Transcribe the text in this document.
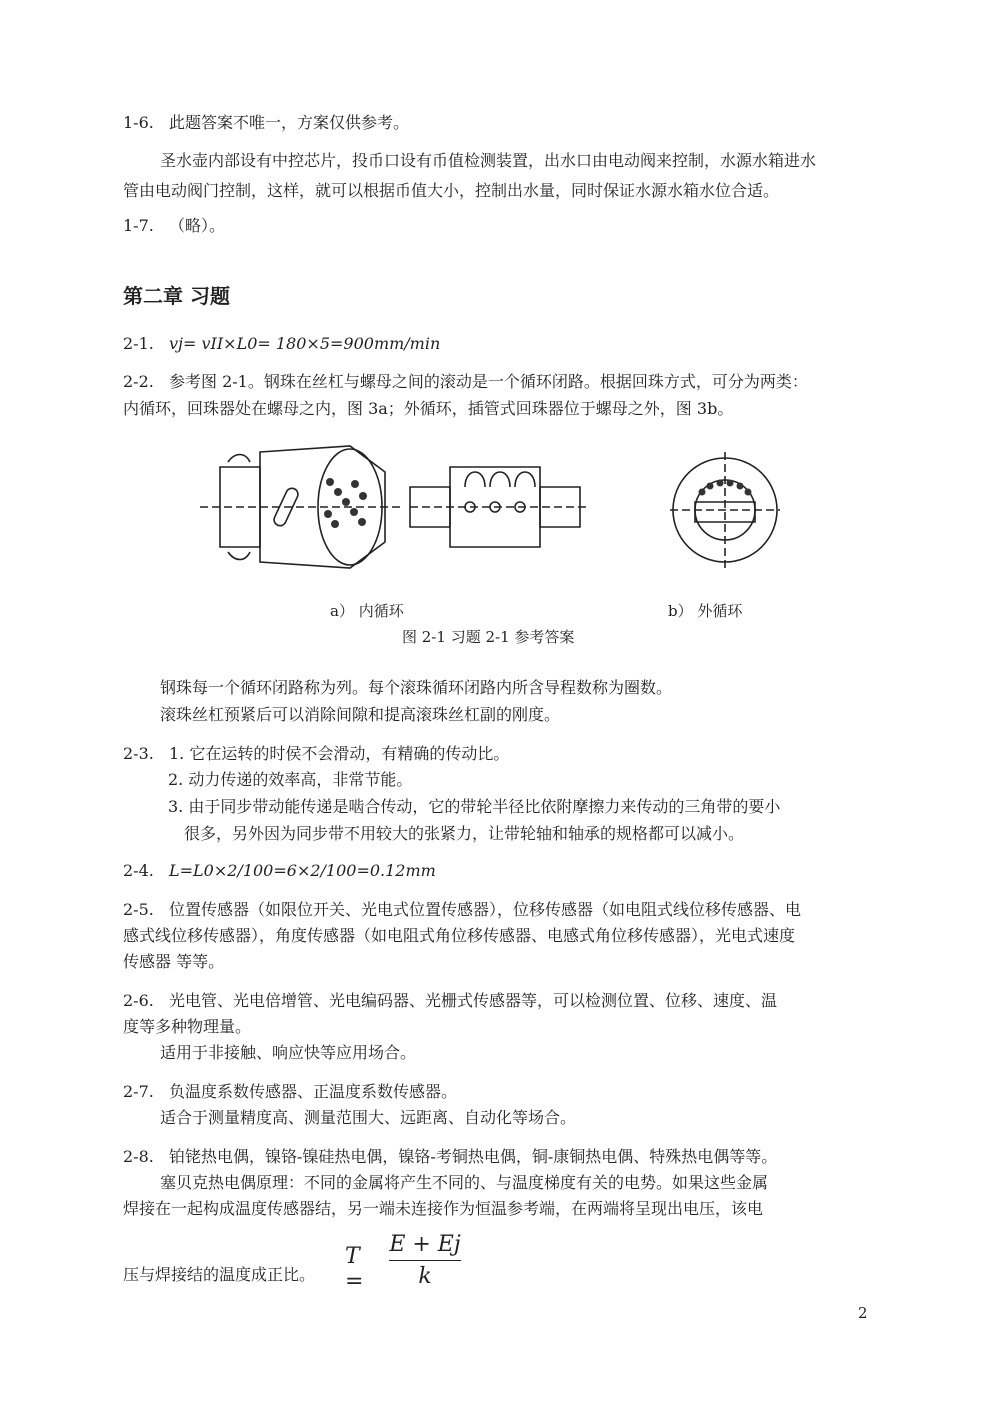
1-6. 此题答案不唯一，方案仅供参考。
圣水壶内部设有中控芯片，投币口设有币值检测装置，出水口由电动阀来控制，水源水箱进水
管由电动阀门控制，这样，就可以根据币值大小，控制出水量，同时保证水源水箱水位合适。
1-7. （略）。
第二章 习题
2-1. vj= vII×L0= 180×5=900mm/min
2-2. 参考图 2-1。钢珠在丝杠与螺母之间的滚动是一个循环闭路。根据回珠方式，可分为两类：
内循环，回珠器处在螺母之内，图 3a；外循环，插管式回珠器位于螺母之外，图 3b。
a） 内循环	b） 外循环
图 2-1 习题 2-1 参考答案
钢珠每一个循环闭路称为列。每个滚珠循环闭路内所含导程数称为圈数。
滚珠丝杠预紧后可以消除间隙和提高滚珠丝杠副的刚度。
2-3. 1. 它在运转的时侯不会滑动，有精确的传动比。
2. 动力传递的效率高，非常节能。
3. 由于同步带动能传递是啮合传动，它的带轮半径比依附摩擦力来传动的三角带的要小
很多，另外因为同步带不用较大的张紧力，让带轮轴和轴承的规格都可以减小。
2-4. L=L0×2/100=6×2/100=0.12mm
2-5. 位置传感器（如限位开关、光电式位置传感器），位移传感器（如电阻式线位移传感器、电
感式线位移传感器），角度传感器（如电阻式角位移传感器、电感式角位移传感器），光电式速度
传感器 等等。
2-6. 光电管、光电倍增管、光电编码器、光栅式传感器等，可以检测位置、位移、速度、温
度等多种物理量。
适用于非接触、响应快等应用场合。
2-7. 负温度系数传感器、正温度系数传感器。
适合于测量精度高、测量范围大、远距离、自动化等场合。
2-8. 铂铑热电偶，镍铬-镍硅热电偶，镍铬-考铜热电偶，铜-康铜热电偶、特殊热电偶等等。
塞贝克热电偶原理：不同的金属将产生不同的、与温度梯度有关的电势。如果这些金属
焊接在一起构成温度传感器结，另一端未连接作为恒温参考端，在两端将呈现出电压，该电
压与焊接结的温度成正比。
T =
E + Ej
k
2
